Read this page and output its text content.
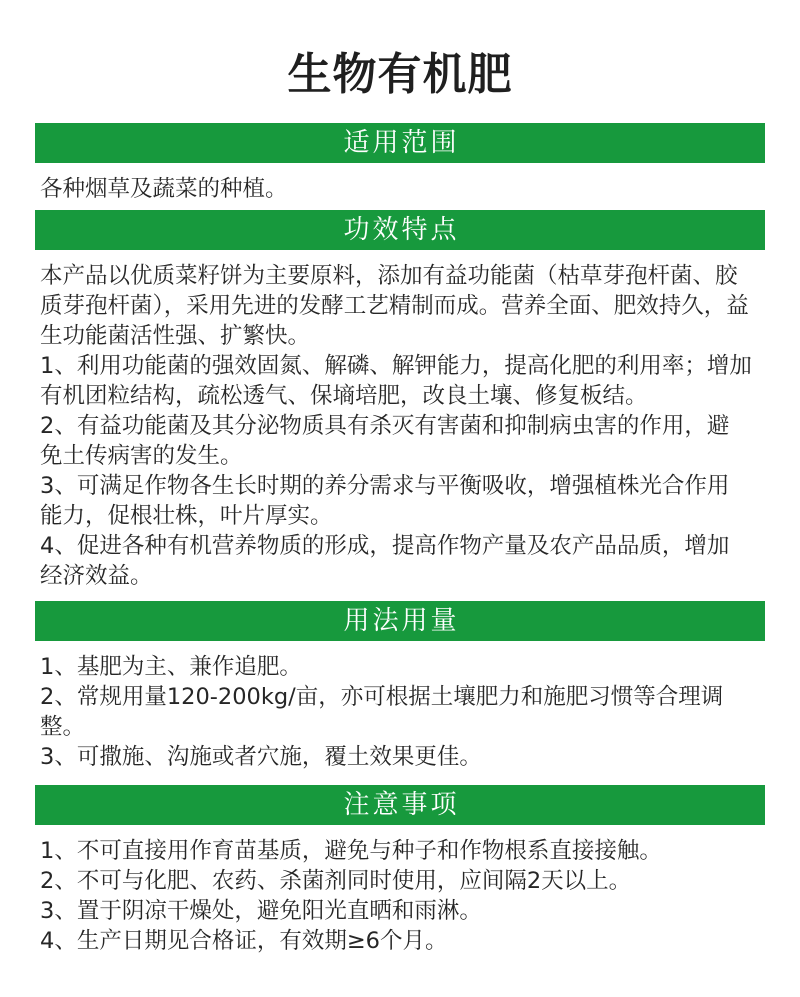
生物有机肥
适用范围
各种烟草及蔬菜的种植。
功效特点
本产品以优质菜籽饼为主要原料，添加有益功能菌（枯草芽孢杆菌、胶
质芽孢杆菌），采用先进的发酵工艺精制而成。营养全面、肥效持久，益
生功能菌活性强、扩繁快。
1、利用功能菌的强效固氮、解磷、解钾能力，提高化肥的利用率；增加
有机团粒结构，疏松透气、保墒培肥，改良土壤、修复板结。
2、有益功能菌及其分泌物质具有杀灭有害菌和抑制病虫害的作用，避
免土传病害的发生。
3、可满足作物各生长时期的养分需求与平衡吸收，增强植株光合作用
能力，促根壮株，叶片厚实。
4、促进各种有机营养物质的形成，提高作物产量及农产品品质，增加
经济效益。
用法用量
1、基肥为主、兼作追肥。
2、常规用量120-200kg/亩，亦可根据土壤肥力和施肥习惯等合理调
整。
3、可撒施、沟施或者穴施，覆土效果更佳。
注意事项
1、不可直接用作育苗基质，避免与种子和作物根系直接接触。
2、不可与化肥、农药、杀菌剂同时使用，应间隔2天以上。
3、置于阴凉干燥处，避免阳光直晒和雨淋。
4、生产日期见合格证，有效期≥6个月。
